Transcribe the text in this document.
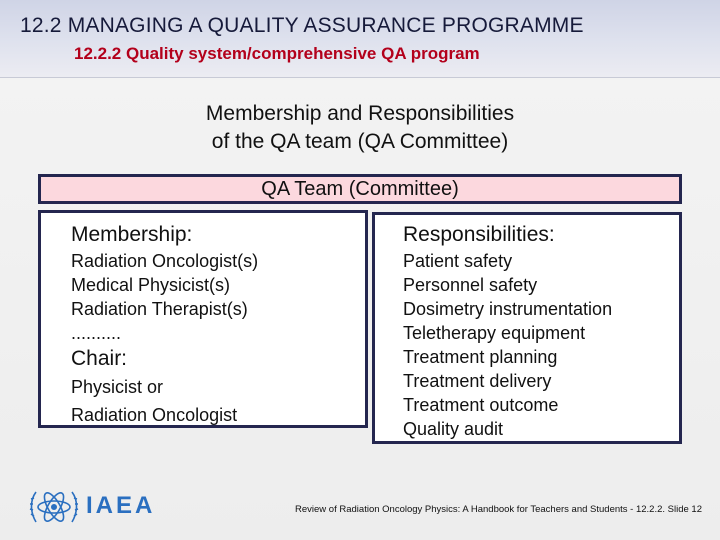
12.2 MANAGING A QUALITY ASSURANCE PROGRAMME
12.2.2 Quality system/comprehensive QA program
Membership and Responsibilities
of the QA team (QA Committee)
QA Team (Committee)
Membership:
Radiation Oncologist(s)
Medical Physicist(s)
Radiation Therapist(s)
..........
Chair:
Physicist or
Radiation Oncologist
Responsibilities:
Patient safety
Personnel safety
Dosimetry instrumentation
Teletherapy equipment
Treatment planning
Treatment delivery
Treatment outcome
Quality audit
IAEA	Review of Radiation Oncology Physics: A Handbook for Teachers and Students - 12.2.2. Slide 12
